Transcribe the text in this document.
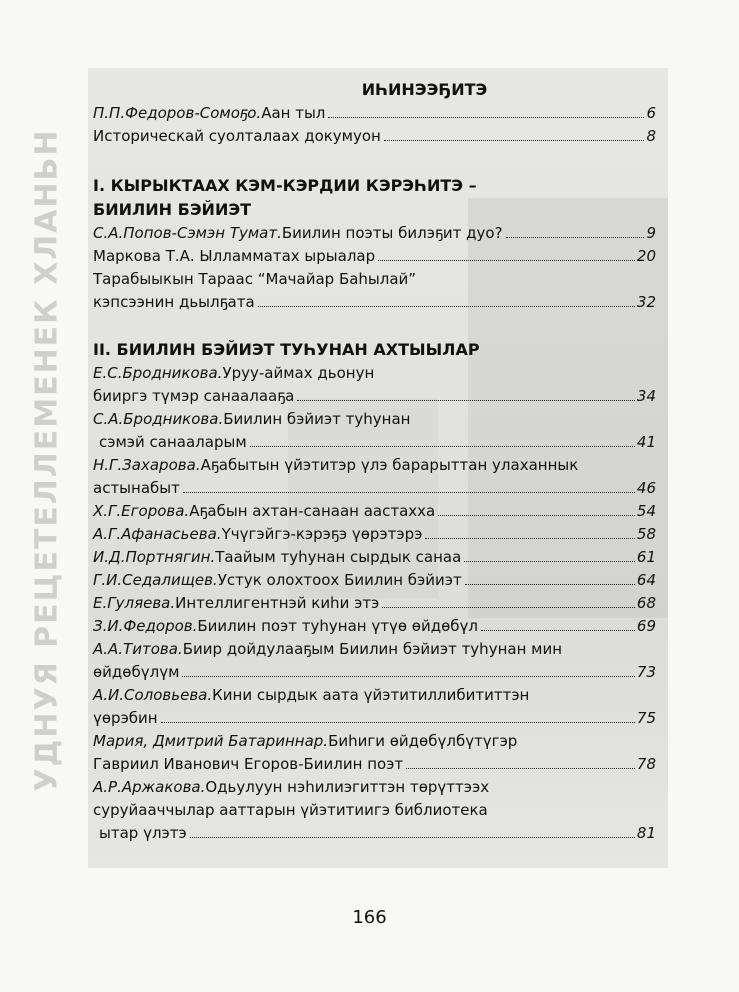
УДНУЯ РЕЦЕТЕЛЛЕМЕНЕК ХЛАНЬН
ИҺИНЭЭҔИТЭ
П.П.Федоров-Сомоҕо. Аан тыл	6
Историческай суолталаах докумуон	8
I. КЫРЫКТААХ КЭМ-КЭРДИИ КЭРЭҺИТЭ –
БИИЛИН БЭЙИЭТ
С.А.Попов-Сэмэн Тумат. Биилин поэты билэҕит дуо?	9
Маркова Т.А. Ылламматах ырыалар	20
Тарабыыкын Тараас “Мачайар Баһылай”
кэпсээнин дьылҕата	32
II. БИИЛИН БЭЙИЭТ ТУҺУНАН АХТЫЫЛАР
Е.С.Бродникова. Уруу-аймах дьонун
бииргэ түмэр санаалааҕа	34
С.А.Бродникова. Биилин бэйиэт туһунан
сэмэй санааларым	41
Н.Г.Захарова. Аҕабытын үйэтитэр үлэ барарыттан улаханнык
астынабыт	46
Х.Г.Егорова. Аҕабын ахтан-санаан аастахха	54
А.Г.Афанасьева. Үчүгэйгэ-кэрэҕэ үөрэтэрэ	58
И.Д.Портнягин. Таайым туһунан сырдык санаа	61
Г.И.Седалищев. Устук олохтоох Биилин бэйиэт	64
Е.Гуляева. Интеллигентнэй киһи этэ	68
З.И.Федоров. Биилин поэт туһунан үтүө өйдөбүл	69
А.А.Титова. Биир дойдулааҕым Биилин бэйиэт туһунан мин
өйдөбүлүм	73
А.И.Соловьева. Кини сырдык аата үйэтитиллибититтэн
үөрэбин	75
Мария, Дмитрий Батариннар. Биһиги өйдөбүлбүтүгэр
Гавриил Иванович Егоров-Биилин поэт	78
А.Р.Аржакова. Одьулуун нэһилиэгиттэн төрүттээх
суруйааччылар ааттарын үйэтитиигэ библиотека
ытар үлэтэ	81
166
